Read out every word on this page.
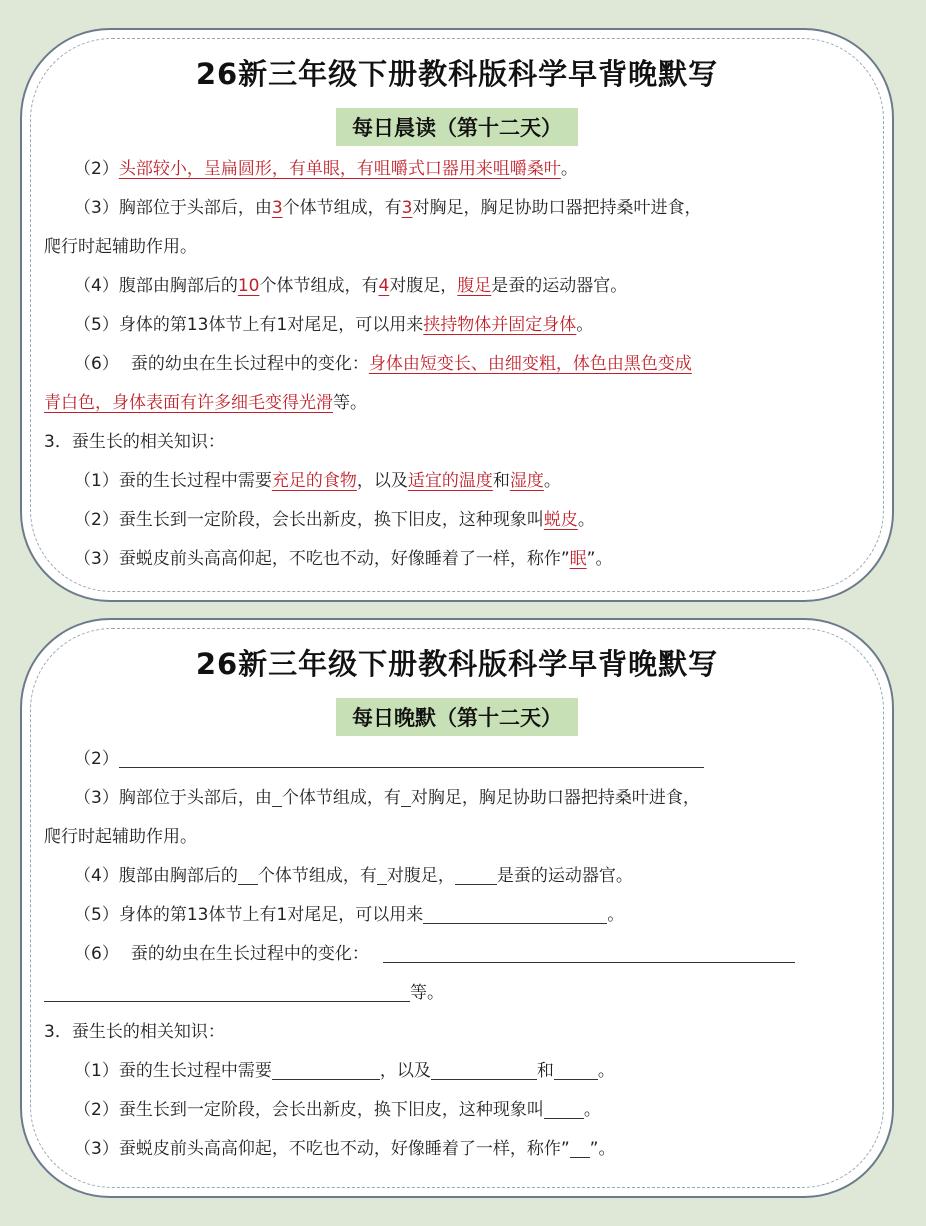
26新三年级下册教科版科学早背晚默写
每日晨读（第十二天）
（2）头部较小，呈扁圆形，有单眼，有咀嚼式口器用来咀嚼桑叶。
（3）胸部位于头部后，由3个体节组成，有3对胸足，胸足协助口器把持桑叶进食，
爬行时起辅助作用。
（4）腹部由胸部后的10个体节组成，有4对腹足，腹足是蚕的运动器官。
（5）身体的第13体节上有1对尾足，可以用来挟持物体并固定身体。
（6） 蚕的幼虫在生长过程中的变化：身体由短变长、由细变粗，体色由黑色变成
青白色，身体表面有许多细毛变得光滑等。
3．蚕生长的相关知识：
（1）蚕的生长过程中需要充足的食物，以及适宜的温度和湿度。
（2）蚕生长到一定阶段，会长出新皮，换下旧皮，这种现象叫蜕皮。
（3）蚕蜕皮前头高高仰起，不吃也不动，好像睡着了一样，称作”眠”。
26新三年级下册教科版科学早背晚默写
每日晚默（第十二天）
（2）
（3）胸部位于头部后，由 个体节组成，有 对胸足，胸足协助口器把持桑叶进食，
爬行时起辅助作用。
（4）腹部由胸部后的 个体节组成，有 对腹足， 是蚕的运动器官。
（5）身体的第13体节上有1对尾足，可以用来	。
（6） 蚕的幼虫在生长过程中的变化：
等。
3．蚕生长的相关知识：
（1）蚕的生长过程中需要	，以及	和	。
（2）蚕生长到一定阶段，会长出新皮，换下旧皮，这种现象叫 。
（3）蚕蜕皮前头高高仰起，不吃也不动，好像睡着了一样，称作” ”。
